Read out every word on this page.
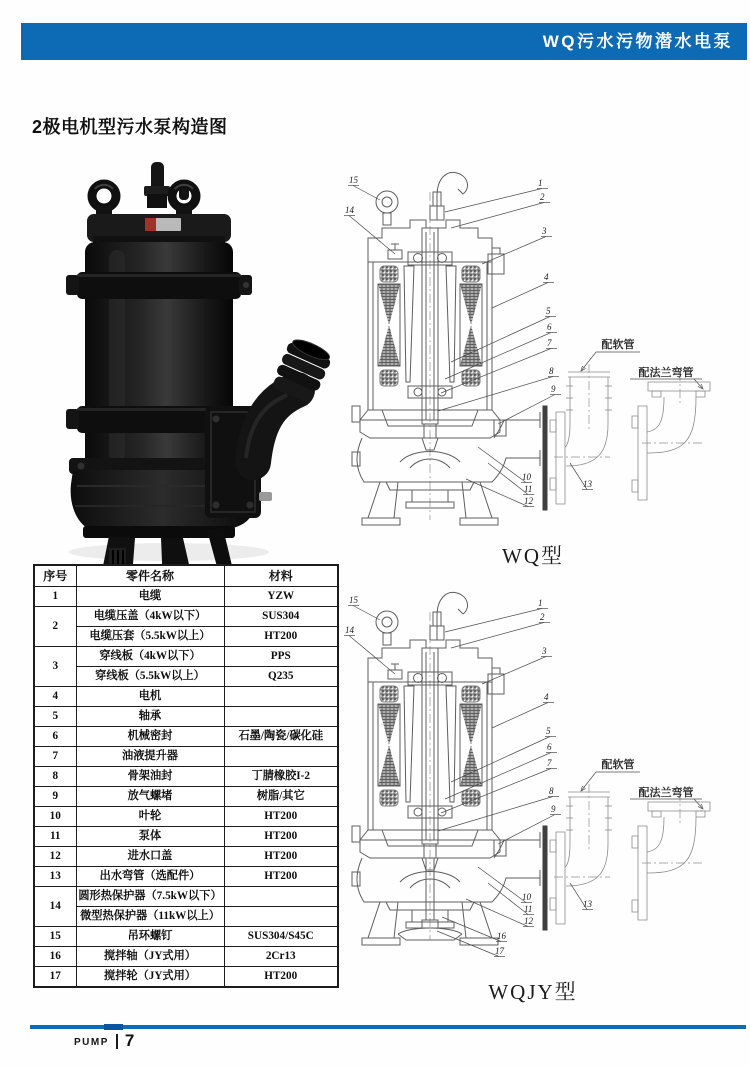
WQ污水污物潜水电泵
2极电机型污水泵构造图
1
2
3
4
5
6
7
8
9
10
11
12
13
14
15
配软管
配法兰弯管
WQ型
1
2
3
4
5
6
7
8
9
10
11
12
13
14
15
16
17
配软管
配法兰弯管
WQJY型
序号	零件名称	材料
1	电缆	YZW
2	电缆压盖（4kW以下）	SUS304
	电缆压套（5.5kW以上）	HT200
3	穿线板（4kW以下）	PPS
	穿线板（5.5kW以上）	Q235
4	电机	
5	轴承	
6	机械密封	石墨/陶瓷/碳化硅
7	油液提升器	
8	骨架油封	丁腈橡胶I-2
9	放气螺堵	树脂/其它
10	叶轮	HT200
11	泵体	HT200
12	进水口盖	HT200
13	出水弯管（选配件）	HT200
14	圆形热保护器（7.5kW以下）	
	微型热保护器（11kW以上）	
15	吊环螺钉	SUS304/S45C
16	搅拌轴（JY式用）	2Cr13
17	搅拌轮（JY式用）	HT200
PUMP 7
